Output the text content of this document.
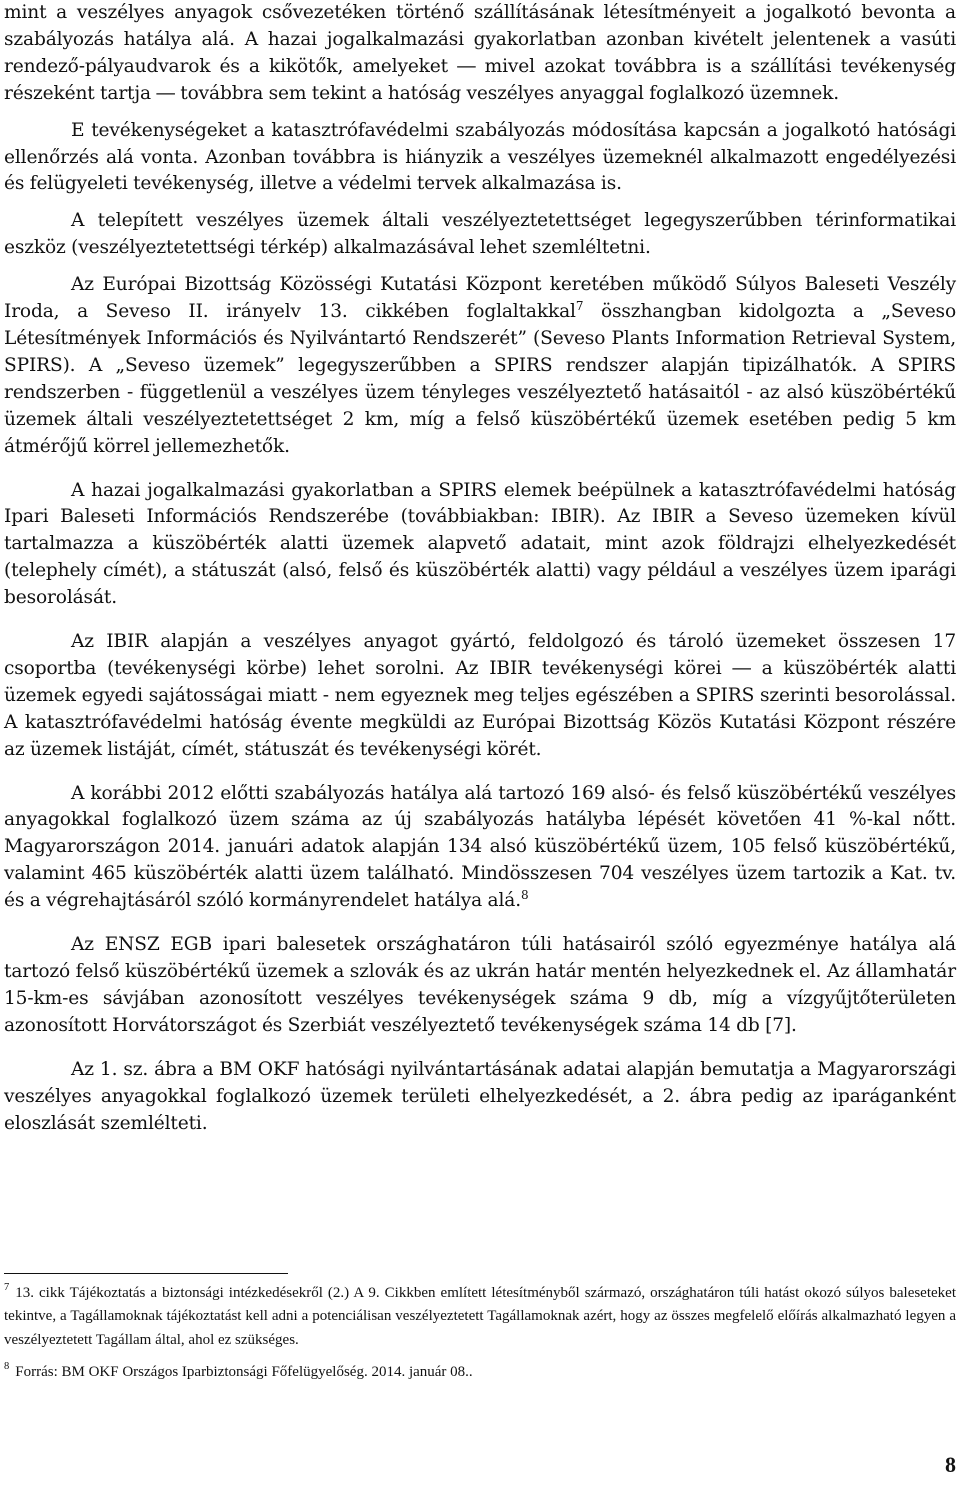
mint a veszélyes anyagok csővezetéken történő szállításának létesítményeit a jogalkotó bevonta a szabályozás hatálya alá. A hazai jogalkalmazási gyakorlatban azonban kivételt jelentenek a vasúti rendező-pályaudvarok és a kikötők, amelyeket ― mivel azokat továbbra is a szállítási tevékenység részeként tartja ― továbbra sem tekint a hatóság veszélyes anyaggal foglalkozó üzemnek.

E tevékenységeket a katasztrófavédelmi szabályozás módosítása kapcsán a jogalkotó hatósági ellenőrzés alá vonta. Azonban továbbra is hiányzik a veszélyes üzemeknél alkalmazott engedélyezési és felügyeleti tevékenység, illetve a védelmi tervek alkalmazása is.

A telepített veszélyes üzemek általi veszélyeztetettséget legegyszerűbben térinformatikai eszköz (veszélyeztetettségi térkép) alkalmazásával lehet szemléltetni.

Az Európai Bizottság Közösségi Kutatási Központ keretében működő Súlyos Baleseti Veszély Iroda, a Seveso II. irányelv 13. cikkében foglaltakkal$^7$ összhangban kidolgozta a „Seveso Létesítmények Információs és Nyilvántartó Rendszerét” (Seveso Plants Information Retrieval System, SPIRS). A „Seveso üzemek” legegyszerűbben a SPIRS rendszer alapján tipizálhatók. A SPIRS rendszerben - függetlenül a veszélyes üzem tényleges veszélyeztető hatásaitól - az alsó küszöbértékű üzemek általi veszélyeztetettséget 2 km, míg a felső küszöbértékű üzemek esetében pedig 5 km átmérőjű körrel jellemezhetők.

A hazai jogalkalmazási gyakorlatban a SPIRS elemek beépülnek a katasztrófavédelmi hatóság Ipari Baleseti Információs Rendszerébe (továbbiakban: IBIR). Az IBIR a Seveso üzemeken kívül tartalmazza a küszöbérték alatti üzemek alapvető adatait, mint azok földrajzi elhelyezkedését (telephely címét), a státuszát (alsó, felső és küszöbérték alatti) vagy például a veszélyes üzem iparági besorolását.

Az IBIR alapján a veszélyes anyagot gyártó, feldolgozó és tároló üzemeket összesen 17 csoportba (tevékenységi körbe) lehet sorolni. Az IBIR tevékenységi körei ― a küszöbérték alatti üzemek egyedi sajátosságai miatt - nem egyeznek meg teljes egészében a SPIRS szerinti besorolással. A katasztrófavédelmi hatóság évente megküldi az Európai Bizottság Közös Kutatási Központ részére az üzemek listáját, címét, státuszát és tevékenységi körét.

A korábbi 2012 előtti szabályozás hatálya alá tartozó 169 alsó- és felső küszöbértékű veszélyes anyagokkal foglalkozó üzem száma az új szabályozás hatályba lépését követően 41 %-kal nőtt. Magyarországon 2014. januári adatok alapján 134 alsó küszöbértékű üzem, 105 felső küszöbértékű, valamint 465 küszöbérték alatti üzem található. Mindösszesen 704 veszélyes üzem tartozik a Kat. tv. és a végrehajtásáról szóló kormányrendelet hatálya alá.$^8$

Az ENSZ EGB ipari balesetek országhatáron túli hatásairól szóló egyezménye hatálya alá tartozó felső küszöbértékű üzemek a szlovák és az ukrán határ mentén helyezkednek el. Az államhatár 15-km-es sávjában azonosított veszélyes tevékenységek száma 9 db, míg a vízgyűjtőterületen azonosított Horvátországot és Szerbiát veszélyeztető tevékenységek száma 14 db [7].

Az 1. sz. ábra a BM OKF hatósági nyilvántartásának adatai alapján bemutatja a Magyarországi veszélyes anyagokkal foglalkozó üzemek területi elhelyezkedését, a 2. ábra pedig az iparáganként eloszlását szemlélteti.

$^7$ 13. cikk Tájékoztatás a biztonsági intézkedésekről (2.) A 9. Cikkben említett létesítményből származó, országhatáron túli hatást okozó súlyos baleseteket tekintve, a Tagállamoknak tájékoztatást kell adni a potenciálisan veszélyeztetett Tagállamoknak azért, hogy az összes megfelelő előírás alkalmazható legyen a veszélyeztetett Tagállam által, ahol ez szükséges.

$^8$ Forrás: BM OKF Országos Iparbiztonsági Főfelügyelőség. 2014. január 08..

8
